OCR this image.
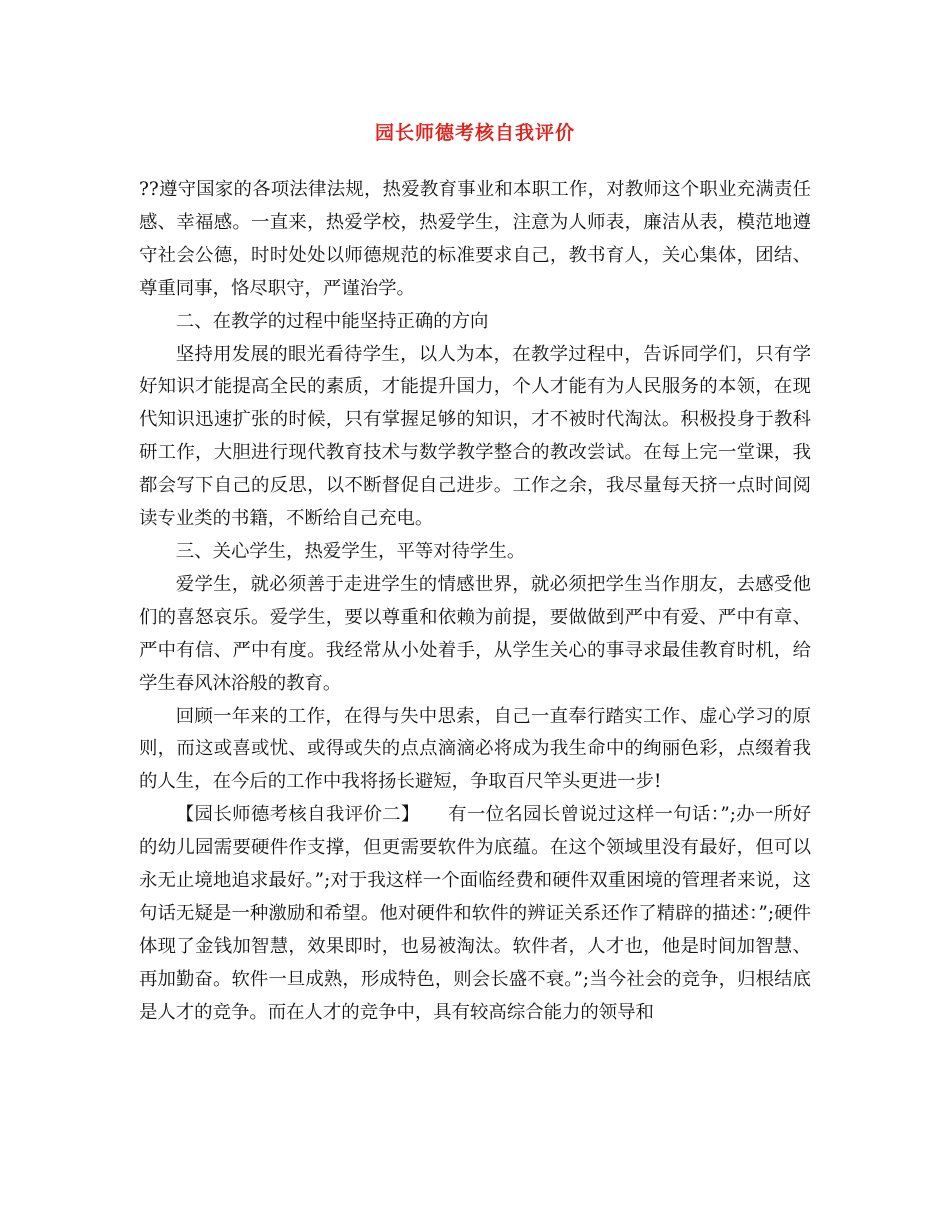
园长师德考核自我评价

??遵守国家的各项法律法规，热爱教育事业和本职工作，对教师这个职业充满责任感、幸福感。一直来，热爱学校，热爱学生，注意为人师表，廉洁从表，模范地遵守社会公德，时时处处以师德规范的标准要求自己，教书育人，关心集体，团结、尊重同事，恪尽职守，严谨治学。

二、在教学的过程中能坚持正确的方向

坚持用发展的眼光看待学生，以人为本，在教学过程中，告诉同学们，只有学好知识才能提高全民的素质，才能提升国力，个人才能有为人民服务的本领，在现代知识迅速扩张的时候，只有掌握足够的知识，才不被时代淘汰。积极投身于教科研工作，大胆进行现代教育技术与数学教学整合的教改尝试。在每上完一堂课，我都会写下自己的反思，以不断督促自己进步。工作之余，我尽量每天挤一点时间阅读专业类的书籍，不断给自己充电。

三、关心学生，热爱学生，平等对待学生。

爱学生，就必须善于走进学生的情感世界，就必须把学生当作朋友，去感受他们的喜怒哀乐。爱学生，要以尊重和依赖为前提，要做做到严中有爱、严中有章、严中有信、严中有度。我经常从小处着手，从学生关心的事寻求最佳教育时机，给学生春风沐浴般的教育。

回顾一年来的工作，在得与失中思索，自己一直奉行踏实工作、虚心学习的原则，而这或喜或忧、或得或失的点点滴滴必将成为我生命中的绚丽色彩，点缀着我的人生，在今后的工作中我将扬长避短，争取百尺竿头更进一步!

【园长师德考核自我评价二】　　有一位名园长曾说过这样一句话：”;办一所好的幼儿园需要硬件作支撑，但更需要软件为底蕴。在这个领域里没有最好，但可以永无止境地追求最好。”;对于我这样一个面临经费和硬件双重困境的管理者来说，这句话无疑是一种激励和希望。他对硬件和软件的辨证关系还作了精辟的描述：”;硬件体现了金钱加智慧，效果即时，也易被淘汰。软件者，人才也，他是时间加智慧、再加勤奋。软件一旦成熟，形成特色，则会长盛不衰。”;当今社会的竞争，归根结底是人才的竞争。而在人才的竞争中，具有较高综合能力的领导和
